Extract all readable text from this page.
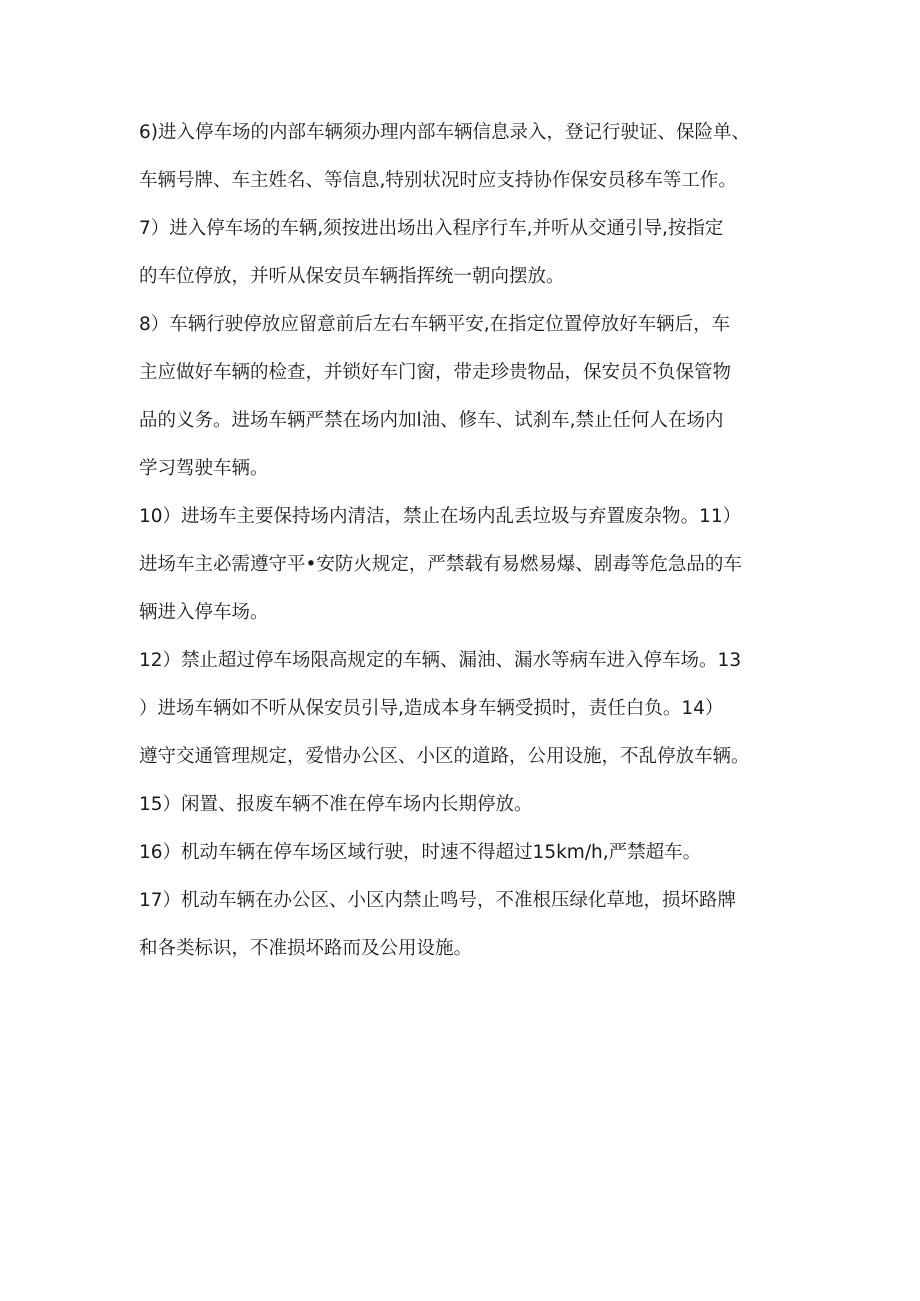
6)进入停车场的内部车辆须办理内部车辆信息录入，登记行驶证、保险单、
车辆号牌、车主姓名、等信息,特别状况时应支持协作保安员移车等工作。
7）进入停车场的车辆,须按进出场出入程序行车,并听从交通引导,按指定
的车位停放，并听从保安员车辆指挥统一朝向摆放。
8）车辆行驶停放应留意前后左右车辆平安,在指定位置停放好车辆后，车
主应做好车辆的检查，并锁好车门窗，带走珍贵物品，保安员不负保管物
品的义务。进场车辆严禁在场内加l油、修车、试刹车,禁止任何人在场内
学习驾驶车辆。
10）进场车主要保持场内清洁，禁止在场内乱丢垃圾与弃置废杂物。11）
进场车主必需遵守平•安防火规定，严禁载有易燃易爆、剧毒等危急品的车
辆进入停车场。
12）禁止超过停车场限高规定的车辆、漏油、漏水等病车进入停车场。13
）进场车辆如不听从保安员引导,造成本身车辆受损时，责任白负。14）
遵守交通管理规定，爱惜办公区、小区的道路，公用设施，不乱停放车辆。
15）闲置、报废车辆不准在停车场内长期停放。
16）机动车辆在停车场区域行驶，时速不得超过15km/h,严禁超车。
17）机动车辆在办公区、小区内禁止鸣号，不准根压绿化草地，损坏路牌
和各类标识，不准损坏路而及公用设施。
